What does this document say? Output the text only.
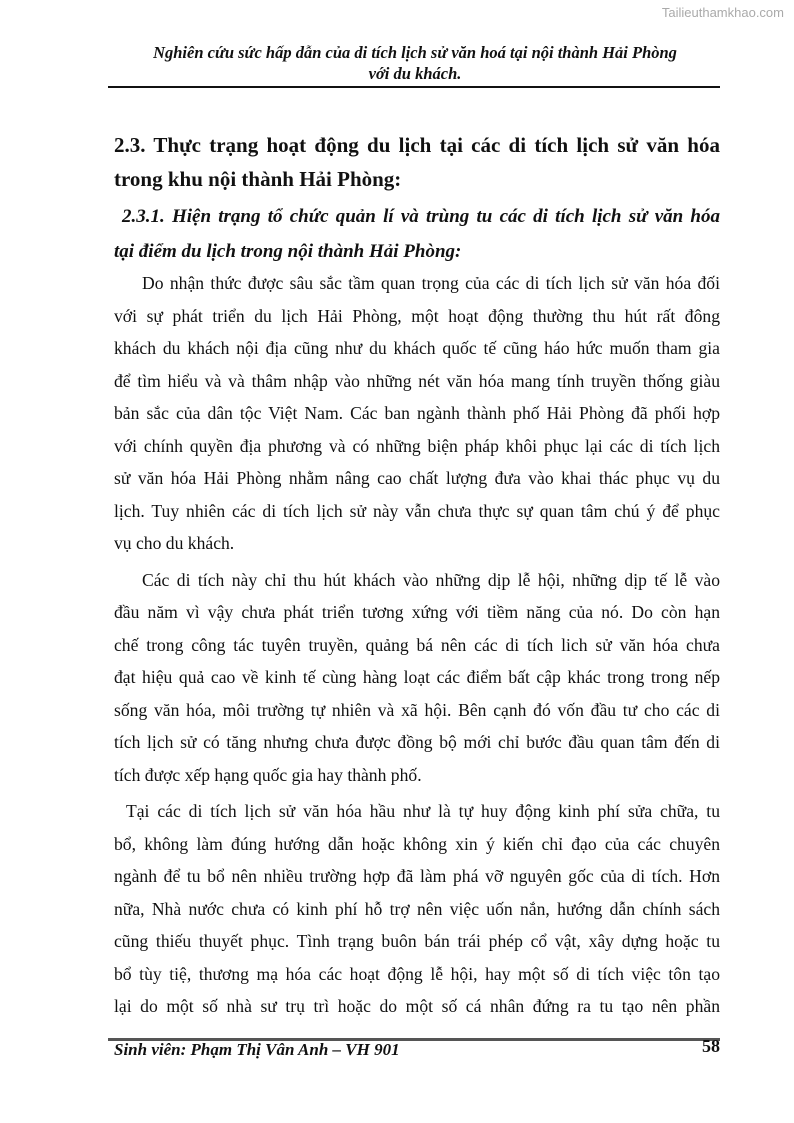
Tailieuthamkhao.com
Nghiên cứu sức hấp dẫn của di tích lịch sử văn hoá tại nội thành Hải Phòng
với du khách.
2.3. Thực trạng hoạt động du lịch tại các di tích lịch sử văn hóa
trong khu nội thành Hải Phòng:
2.3.1. Hiện trạng tổ chức quản lí và trùng tu các di tích lịch sử văn hóa
tại điểm du lịch trong nội thành Hải Phòng:
Do nhận thức được sâu sắc tầm quan trọng của các di tích lịch sử văn hóa đối
với sự phát triển du lịch Hải Phòng, một hoạt động thường thu hút rất đông
khách du khách nội địa cũng như du khách quốc tế cũng háo hức muốn tham gia
để tìm hiểu và và thâm nhập vào những nét văn hóa mang tính truyền thống giàu
bản sắc của dân tộc Việt Nam. Các ban ngành thành phố Hải Phòng đã phối hợp
với chính quyền địa phương và có những biện pháp khôi phục lại các di tích lịch
sử văn hóa Hải Phòng nhằm nâng cao chất lượng đưa vào khai thác phục vụ du
lịch. Tuy nhiên các di tích lịch sử này vẫn chưa thực sự quan tâm chú ý để phục
vụ cho du khách.
Các di tích này chỉ thu hút khách vào những dịp lễ hội, những dịp tế lễ vào
đầu năm vì vậy chưa phát triển tương xứng với tiềm năng của nó. Do còn hạn
chế trong công tác tuyên truyền, quảng bá nên các di tích lich sử văn hóa chưa
đạt hiệu quả cao về kinh tế cùng hàng loạt các điểm bất cập khác trong trong nếp
sống văn hóa, môi trường tự nhiên và xã hội. Bên cạnh đó vốn đầu tư cho các di
tích lịch sử có tăng nhưng chưa được đồng bộ mới chỉ bước đầu quan tâm đến di
tích được xếp hạng quốc gia hay thành phố.
Tại các di tích lịch sử văn hóa hầu như là tự huy động kinh phí sửa chữa, tu
bổ, không làm đúng hướng dẫn hoặc không xin ý kiến chỉ đạo của các chuyên
ngành để tu bổ nên nhiều trường hợp đã làm phá vỡ nguyên gốc của di tích. Hơn
nữa, Nhà nước chưa có kinh phí hỗ trợ nên việc uốn nắn, hướng dẫn chính sách
cũng thiếu thuyết phục. Tình trạng buôn bán trái phép cổ vật, xây dựng hoặc tu
bổ tùy tiệ, thương mạ hóa các hoạt động lễ hội, hay một số di tích việc tôn tạo
lại do một số nhà sư trụ trì hoặc do một số cá nhân đứng ra tu tạo nên phần
Sinh viên: Phạm Thị Vân Anh – VH 901	58
